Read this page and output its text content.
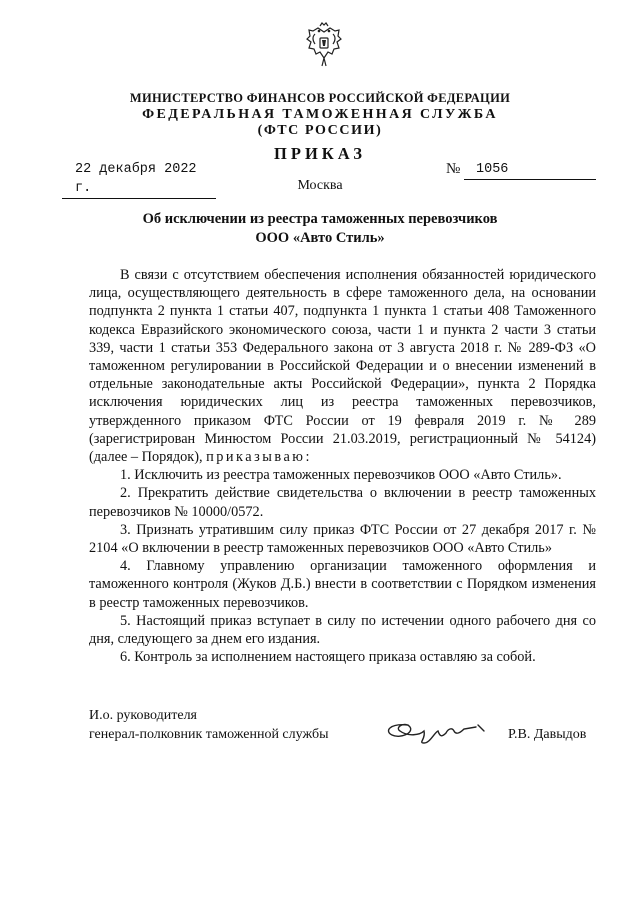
МИНИСТЕРСТВО ФИНАНСОВ РОССИЙСКОЙ ФЕДЕРАЦИИ
ФЕДЕРАЛЬНАЯ ТАМОЖЕННАЯ СЛУЖБА
(ФТС РОССИИ)
ПРИКАЗ
22 декабря 2022 г.
№	1056
Москва
Об исключении из реестра таможенных перевозчиков
ООО «Авто Стиль»

В связи с отсутствием обеспечения исполнения обязанностей юридического лица, осуществляющего деятельность в сфере таможенного дела, на основании подпункта 2 пункта 1 статьи 407, подпункта 1 пункта 1 статьи 408 Таможенного кодекса Евразийского экономического союза, части 1 и пункта 2 части 3 статьи 339, части 1 статьи 353 Федерального закона от 3 августа 2018 г. № 289-ФЗ «О таможенном регулировании в Российской Федерации и о внесении изменений в отдельные законодательные акты Российской Федерации», пункта 2 Порядка исключения юридических лиц из реестра таможенных перевозчиков, утвержденного приказом ФТС России от 19 февраля 2019 г. № 289 (зарегистрирован Минюстом России 21.03.2019, регистрационный № 54124) (далее – Порядок), приказываю:

1. Исключить из реестра таможенных перевозчиков ООО «Авто Стиль».

2. Прекратить действие свидетельства о включении в реестр таможенных перевозчиков № 10000/0572.

3. Признать утратившим силу приказ ФТС России от 27 декабря 2017 г. № 2104 «О включении в реестр таможенных перевозчиков ООО «Авто Стиль»

4. Главному управлению организации таможенного оформления и таможенного контроля (Жуков Д.Б.) внести в соответствии с Порядком изменения в реестр таможенных перевозчиков.

5. Настоящий приказ вступает в силу по истечении одного рабочего дня со дня, следующего за днем его издания.

6. Контроль за исполнением настоящего приказа оставляю за собой.

И.о. руководителя
генерал-полковник таможенной службы	Р.В. Давыдов
